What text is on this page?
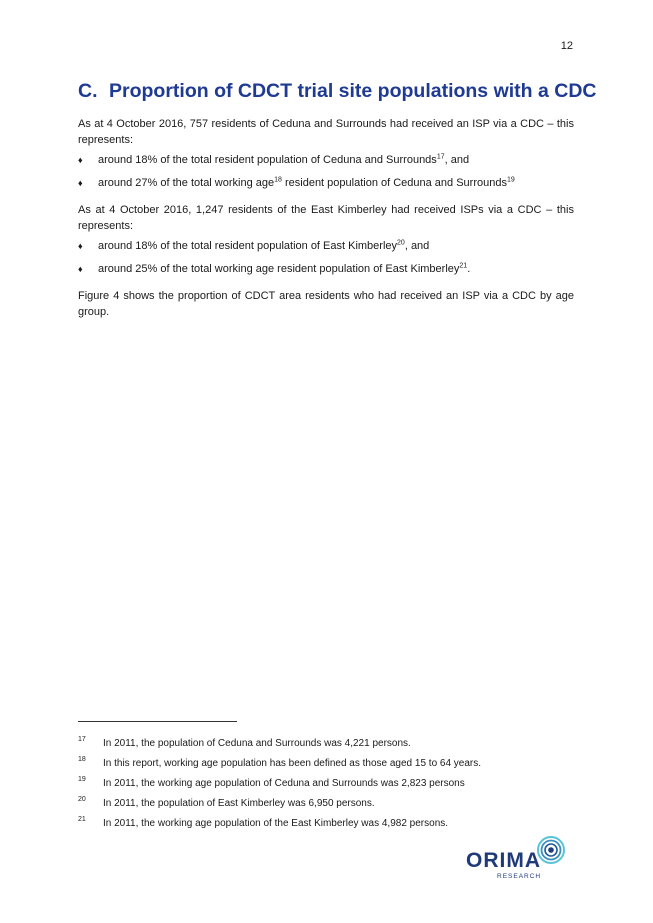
12
C. Proportion of CDCT trial site populations with a CDC

As at 4 October 2016, 757 residents of Ceduna and Surrounds had received an ISP via a CDC – this represents:

♦ around 18% of the total resident population of Ceduna and Surrounds$^{17}$, and
♦ around 27% of the total working age$^{18}$ resident population of Ceduna and Surrounds$^{19}$

As at 4 October 2016, 1,247 residents of the East Kimberley had received ISPs via a CDC – this represents:

♦ around 18% of the total resident population of East Kimberley$^{20}$, and
♦ around 25% of the total working age resident population of East Kimberley$^{21}$.

Figure 4 shows the proportion of CDCT area residents who had received an ISP via a CDC by age group.

17 In 2011, the population of Ceduna and Surrounds was 4,221 persons.
18 In this report, working age population has been defined as those aged 15 to 64 years.
19 In 2011, the working age population of Ceduna and Surrounds was 2,823 persons
20 In 2011, the population of East Kimberley was 6,950 persons.
21 In 2011, the working age population of the East Kimberley was 4,982 persons.
ORIMA
RESEARCH
